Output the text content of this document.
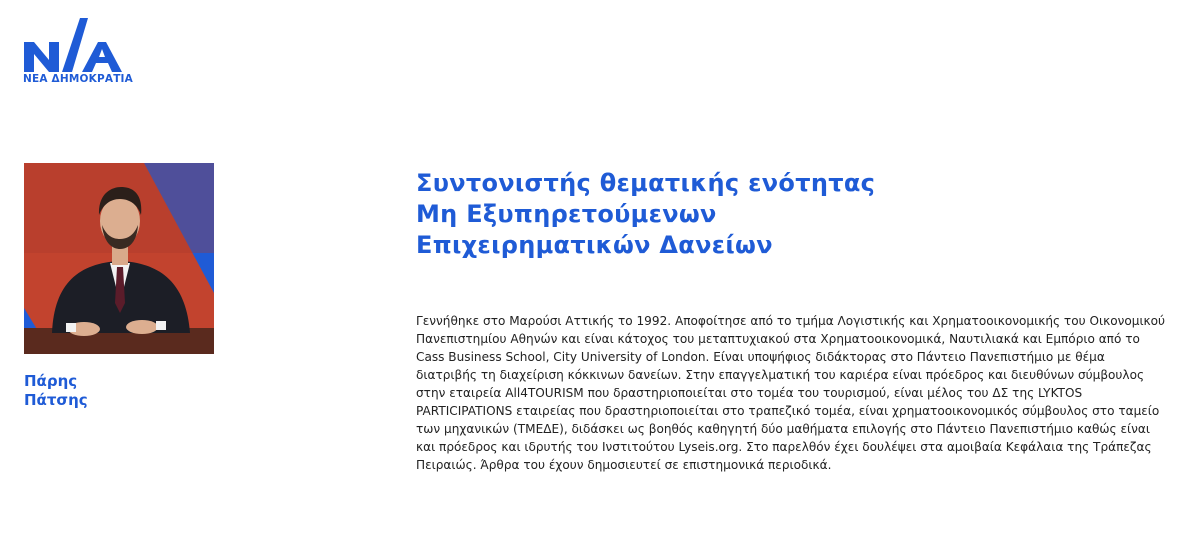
ΝΕΑ ΔΗΜΟΚΡΑΤΙΑ
Πάρης
Πάτσης
Συντονιστής θεματικής ενότητας
Μη Εξυπηρετούμενων
Επιχειρηματικών Δανείων

Γεννήθηκε στο Μαρούσι Αττικής το 1992. Αποφοίτησε από το τμήμα Λογιστικής και Χρηματοοικονομικής του Οικονομικού Πανεπιστημίου Αθηνών και είναι κάτοχος του μεταπτυχιακού στα Χρηματοοικονομικά, Ναυτιλιακά και Εμπόριο από το Cass Business School, City University of London. Είναι υποψήφιος διδάκτορας στο Πάντειο Πανεπιστήμιο με θέμα διατριβής τη διαχείριση κόκκινων δανείων. Στην επαγγελματική του καριέρα είναι πρόεδρος και διευθύνων σύμβουλος στην εταιρεία All4TOURISM που δραστηριοποιείται στο τομέα του τουρισμού, είναι μέλος του ΔΣ της LYKTOS PARTICIPATIONS εταιρείας που δραστηριοποιείται στο τραπεζικό τομέα, είναι χρηματοοικονομικός σύμβουλος στο ταμείο των μηχανικών (ΤΜΕΔΕ), διδάσκει ως βοηθός καθηγητή δύο μαθήματα επιλογής στο Πάντειο Πανεπιστήμιο καθώς είναι και πρόεδρος και ιδρυτής του Ινστιτούτου Lyseis.org. Στο παρελθόν έχει δουλέψει στα αμοιβαία Κεφάλαια της Τράπεζας Πειραιώς. Άρθρα του έχουν δημοσιευτεί σε επιστημονικά περιοδικά.
